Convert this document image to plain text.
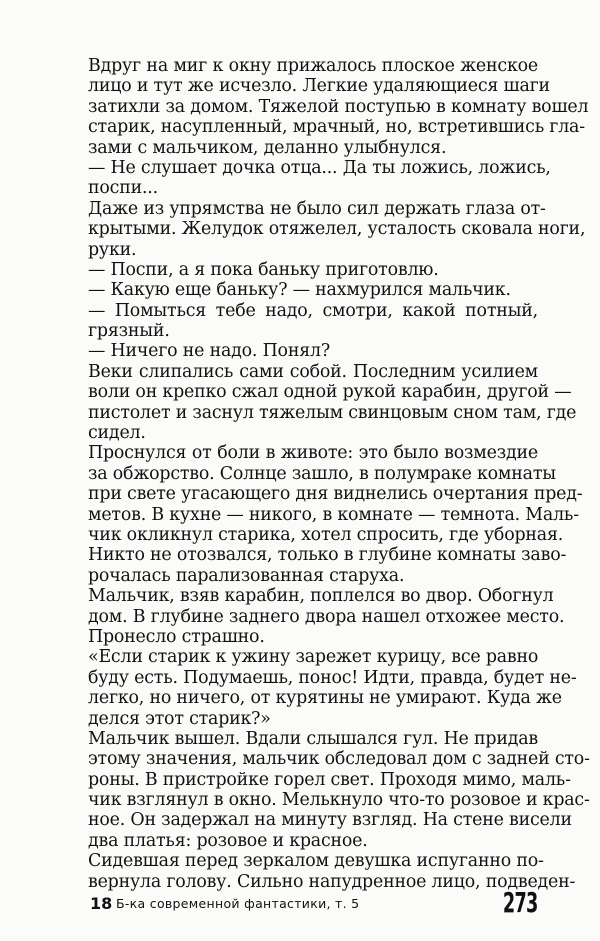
Вдруг на миг к окну прижалось плоское женское
лицо и тут же исчезло. Легкие удаляющиеся шаги
затихли за домом. Тяжелой поступью в комнату вошел
старик, насупленный, мрачный, но, встретившись гла-
зами с мальчиком, деланно улыбнулся.
— Не слушает дочка отца... Да ты ложись, ложись,
поспи...
Даже из упрямства не было сил держать глаза от-
крытыми. Желудок отяжелел, усталость сковала ноги,
руки.
— Поспи, а я пока баньку приготовлю.
— Какую еще баньку? — нахмурился мальчик.
— Помыться тебе надо, смотри, какой потный,
грязный.
— Ничего не надо. Понял?
Веки слипались сами собой. Последним усилием
воли он крепко сжал одной рукой карабин, другой —
пистолет и заснул тяжелым свинцовым сном там, где
сидел.
Проснулся от боли в животе: это было возмездие
за обжорство. Солнце зашло, в полумраке комнаты
при свете угасающего дня виднелись очертания пред-
метов. В кухне — никого, в комнате — темнота. Маль-
чик окликнул старика, хотел спросить, где уборная.
Никто не отозвался, только в глубине комнаты заво-
рочалась парализованная старуха.
Мальчик, взяв карабин, поплелся во двор. Обогнул
дом. В глубине заднего двора нашел отхожее место.
Пронесло страшно.
«Если старик к ужину зарежет курицу, все равно
буду есть. Подумаешь, понос! Идти, правда, будет не-
легко, но ничего, от курятины не умирают. Куда же
делся этот старик?»
Мальчик вышел. Вдали слышался гул. Не придав
этому значения, мальчик обследовал дом с задней сто-
роны. В пристройке горел свет. Проходя мимо, маль-
чик взглянул в окно. Мелькнуло что-то розовое и крас-
ное. Он задержал на минуту взгляд. На стене висели
два платья: розовое и красное.
Сидевшая перед зеркалом девушка испуганно по-
вернула голову. Сильно напудренное лицо, подведен-
18 Б-ка современной фантастики, т. 5	273
